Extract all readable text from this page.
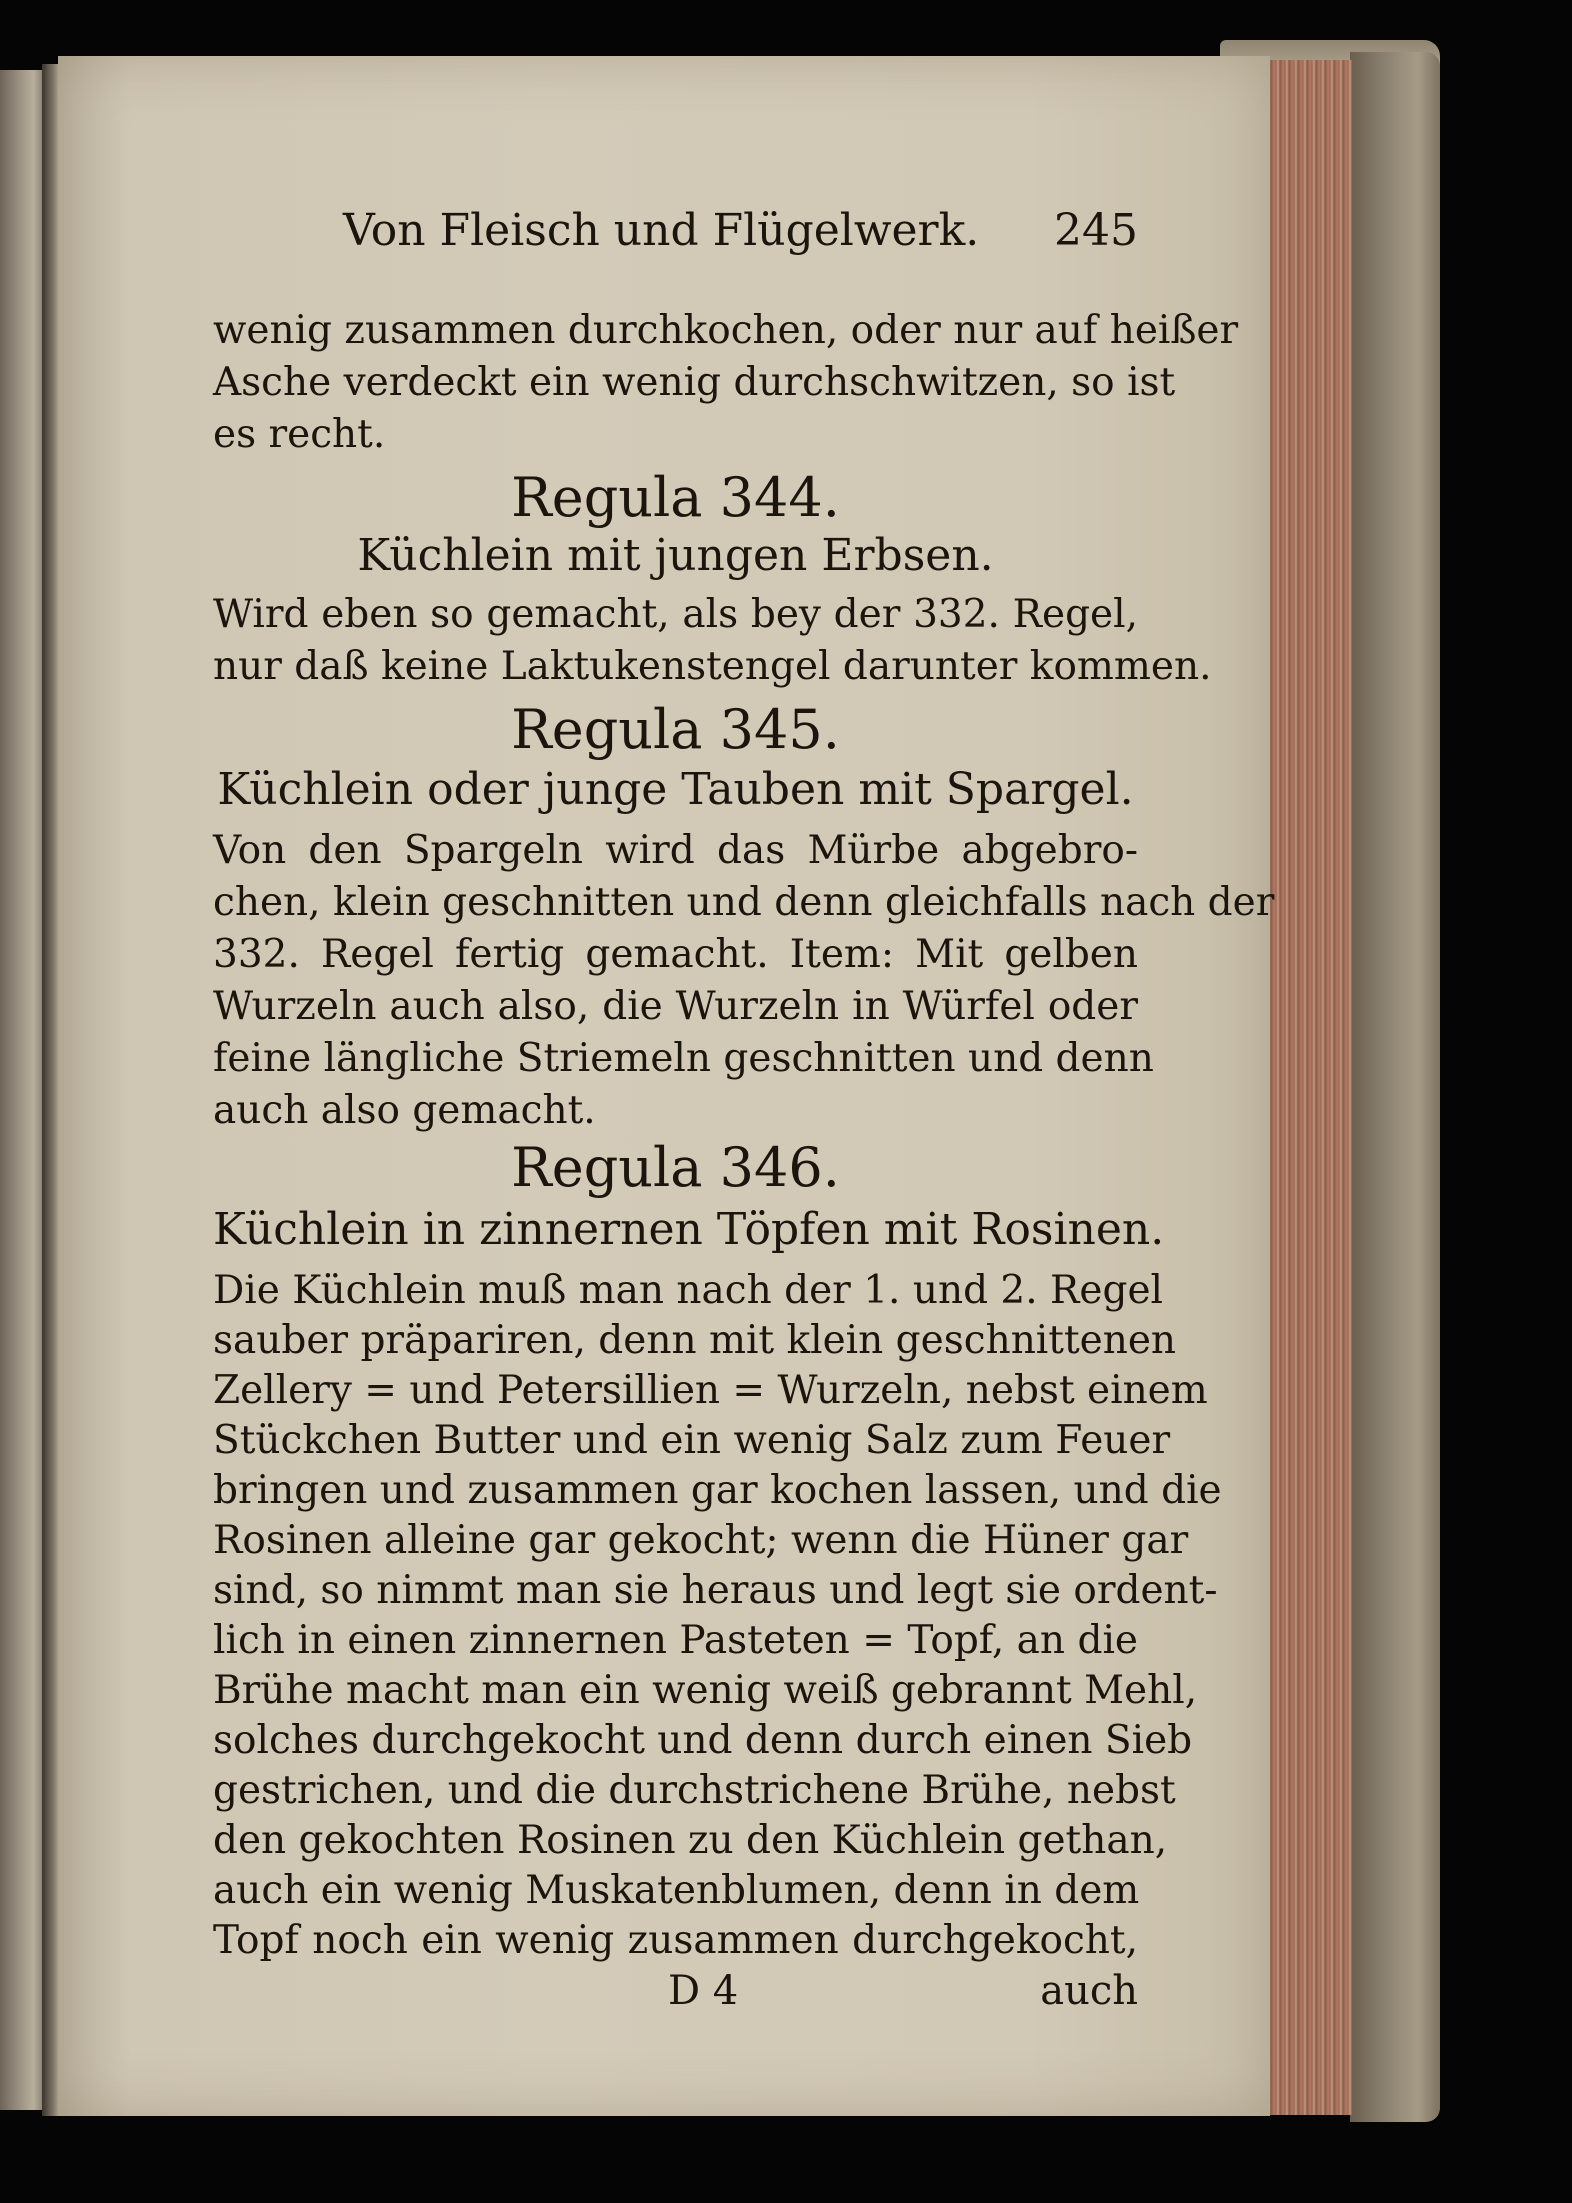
Von Fleisch und Flügelwerk. 245
wenig zusammen durchkochen, oder nur auf heißer
Asche verdeckt ein wenig durchschwitzen, so ist
es recht.
Regula 344.
Küchlein mit jungen Erbsen.
Wird eben so gemacht, als bey der 332. Regel,
nur daß keine Laktukenstengel darunter kommen.
Regula 345.
Küchlein oder junge Tauben mit Spargel.
Von den Spargeln wird das Mürbe abgebro-
chen, klein geschnitten und denn gleichfalls nach der
332. Regel fertig gemacht. Item: Mit gelben
Wurzeln auch also, die Wurzeln in Würfel oder
feine längliche Striemeln geschnitten und denn
auch also gemacht.
Regula 346.
Küchlein in zinnernen Töpfen mit Rosinen.
Die Küchlein muß man nach der 1. und 2. Regel
sauber präpariren, denn mit klein geschnittenen
Zellery = und Petersillien = Wurzeln, nebst einem
Stückchen Butter und ein wenig Salz zum Feuer
bringen und zusammen gar kochen lassen, und die
Rosinen alleine gar gekocht; wenn die Hüner gar
sind, so nimmt man sie heraus und legt sie ordent-
lich in einen zinnernen Pasteten = Topf, an die
Brühe macht man ein wenig weiß gebrannt Mehl,
solches durchgekocht und denn durch einen Sieb
gestrichen, und die durchstrichene Brühe, nebst
den gekochten Rosinen zu den Küchlein gethan,
auch ein wenig Muskatenblumen, denn in dem
Topf noch ein wenig zusammen durchgekocht,
D 4	auch
